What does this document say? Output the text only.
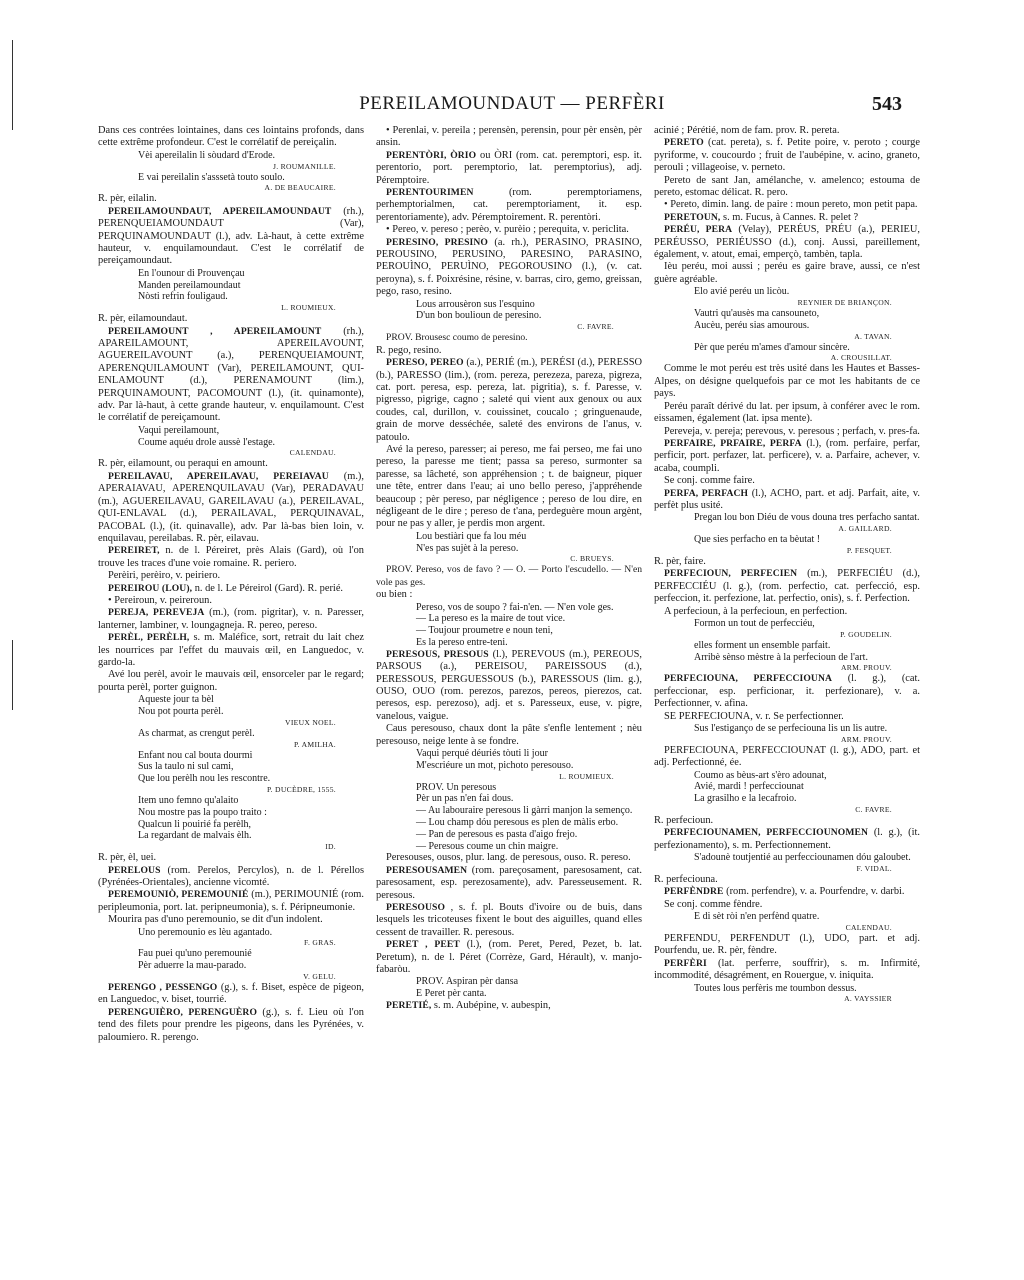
PEREILAMOUNDAUT — PERFÈRI	543

Dans ces contrées lointaines, dans ces lointains profonds, dans cette extrême profondeur. C'est le corrélatif de pereiçalin.

Vèi apereilalin li sòudard d'Erode.
J. ROUMANILLE.
E vai pereilalin s'asssetà touto soulo.
A. DE BEAUCAIRE.

R. pèr, eilalin.

PEREILAMOUNDAUT, APEREILAMOUNDAUT (rh.), PERENQUEIAMOUNDAUT (Var), PERQUINAMOUNDAUT (l.), adv. Là-haut, à cette extrême hauteur, v. enquilamoundaut. C'est le corrélatif de pereiçamoundaut.

En l'ounour di Prouvençau
Manden pereilamoundaut
Nòsti refrin fouligaud.
L. ROUMIEUX.

R. pèr, eilamoundaut.

PEREILAMOUNT , APEREILAMOUNT (rh.), APAREILAMOUNT, APEREILAVOUNT, AGUEREILAVOUNT (a.), PERENQUEIAMOUNT, APERENQUILAMOUNT (Var), PEREILAMOUNT, QUI-ENLAMOUNT (d.), PERENAMOUNT (lim.), PERQUINAMOUNT, PACOMOUNT (l.), (it. quinamonte), adv. Par là-haut, à cette grande hauteur, v. enquilamount. C'est le corrélatif de pereiçamount.

Vaqui pereilamount,
Coume aquéu drole aussè l'estage.
CALENDAU.

R. pèr, eilamount, ou peraqui en amount.

PEREILAVAU, APEREILAVAU, PEREIAVAU (m.), APERAIAVAU, APERENQUILAVAU (Var), PERADAVAU (m.), AGUEREILAVAU, GAREILAVAU (a.), PEREILAVAL, QUI-ENLAVAL (d.), PERAILAVAL, PERQUINAVAL, PACOBAL (l.), (it. quinavalle), adv. Par là-bas bien loin, v. enquilavau, pereilabas. R. pèr, eilavau.

PEREIRET, n. de l. Péreiret, près Alais (Gard), où l'on trouve les traces d'une voie romaine. R. periero.

Perèiri, perèiro, v. peiriero.

PEREIROU (LOU), n. de l. Le Péreirol (Gard). R. perié.

• Pereiroun, v. peireroun.

PEREJA, PEREVEJA (m.), (rom. pigritar), v. n. Paresser, lanterner, lambiner, v. loungagneja. R. pereo, pereso.

PERÈL, PERÈLH, s. m. Maléfice, sort, retrait du lait chez les nourrices par l'effet du mauvais œil, en Languedoc, v. gardo-la.

Avé lou perèl, avoir le mauvais œil, ensorceler par le regard; pourta perèl, porter guignon.

Aqueste jour ta bèl
Nou pot pourta perèl.
VIEUX NOEL.
As charmat, as crengut perèl.
P. AMILHA.
Enfant nou cal bouta dourmi
Sus la taulo ni sul cami,
Que lou perèlh nou les rescontre.
P. DUCÈDRE, 1555.
Item uno femno qu'alaito
Nou mostre pas la poupo traito :
Qualcun li pouirié fa perèlh,
La regardant de malvais èlh.
ID.

R. pèr, èl, uei.

PERELOUS (rom. Perelos, Percylos), n. de l. Pérellos (Pyrénées-Orientales), ancienne vicomté.

PEREMOUNIÒ, PEREMOUNIÉ (m.), PERIMOUNIÉ (rom. peripleumonia, port. lat. peripneumonia), s. f. Péripneumonie.

Mourira pas d'uno peremounio, se dit d'un indolent.

Uno peremounio es lèu agantado.
F. GRAS.
Fau puei qu'uno peremounié
Pèr aduerre la mau-parado.
V. GELU.

PERENGO , PESSENGO (g.), s. f. Biset, espèce de pigeon, en Languedoc, v. biset, tourrié.

PERENGUIÈRO, PERENGUÈRO (g.), s. f. Lieu où l'on tend des filets pour prendre les pigeons, dans les Pyrénées, v. paloumiero. R. perengo.

• Perenlai, v. pereila ; perensèn, perensin, pour pèr ensèn, pèr ansin.

PERENTÒRI, ÒRIO ou ÒRI (rom. cat. peremptori, esp. it. perentorio, port. peremptorio, lat. peremptorius), adj. Péremptoire.

PERENTOURIMEN (rom. peremptoriamens, perhemptorialmen, cat. peremptoriament, it. esp. perentoriamente), adv. Péremptoirement. R. perentòri.

• Pereo, v. pereso ; perèo, v. purèio ; perequita, v. periclita.

PERESINO, PRESINO (a. rh.), PERASINO, PRASINO, PEROUSINO, PERUSINO, PARESINO, PARASINO, PEROUÌNO, PERUÌNO, PEGOROUSINO (l.), (v. cat. peroyna), s. f. Poixrésine, résine, v. barras, ciro, gemo, greissan, pego, raso, resino.

Lous arrousèron sus l'esquino
D'un bon boulioun de peresino.
C. FAVRE.

PROV. Brousesc coumo de peresino.

R. pego, resino.

PERESO, PEREO (a.), PERIÉ (m.), PERÉSI (d.), PERESSO (b.), PARESSO (lim.), (rom. pereza, perezeza, pareza, pigreza, cat. port. peresa, esp. pereza, lat. pigritia), s. f. Paresse, v. pigresso, pigrige, cagno ; saleté qui vient aux genoux ou aux coudes, cal, durillon, v. couissinet, coucalo ; gringuenaude, grain de morve desséchée, saleté des environs de l'anus, v. patoulo.

Avé la pereso, paresser; ai pereso, me fai perseo, me fai uno pereso, la paresse me tient; passa sa pereso, surmonter sa paresse, sa lâcheté, son appréhension ; t. de baigneur, piquer une tête, entrer dans l'eau; ai uno bello pereso, j'appréhende beaucoup ; pèr pereso, par négligence ; pereso de lou dire, en négligeant de le dire ; pereso de t'ana, perdeguère moun argènt, pour ne pas y aller, je perdis mon argent.

Lou bestiàri que fa lou méu
N'es pas sujèt à la pereso.
C. BRUEYS.

PROV. Pereso, vos de favo ? — O. — Porto l'escudello. — N'en vole pas ges.

ou bien :

Pereso, vos de soupo ? fai-n'en. — N'en vole ges.
— La pereso es la maire de tout vice.
— Toujour proumetre e noun teni,
Es la pereso entre-teni.

PERESOUS, PRESOUS (l.), PEREVOUS (m.), PEREOUS, PARSOUS (a.), PEREISOU, PAREISSOUS (d.), PERESSOUS, PERGUESSOUS (b.), PARESSOUS (lim. g.), OUSO, OUO (rom. perezos, parezos, pereos, pierezos, cat. peresos, esp. perezoso), adj. et s. Paresseux, euse, v. pigre, vanelous, vaigue.

Caus peresouso, chaux dont la pâte s'enfle lentement ; nèu peresouso, neige lente à se fondre.

Vaqui perqué déuriés tòuti li jour
M'escriéure un mot, pichoto peresouso.
L. ROUMIEUX.
PROV. Un peresous
Pèr un pas n'en fai dous.
— Au labouraire peresous li gàrri manjon la semenço.
— Lou champ dóu peresous es plen de màlis erbo.
— Pan de peresous es pasta d'aigo frejo.
— Peresous coume un chin maigre.

Peresouses, ousos, plur. lang. de peresous, ouso. R. pereso.

PERESOUSAMEN (rom. pareçosament, paresosament, cat. paresosament, esp. perezosamente), adv. Paresseusement. R. peresous.

PERESOUSO , s. f. pl. Bouts d'ivoire ou de buis, dans lesquels les tricoteuses fixent le bout des aiguilles, quand elles cessent de travailler. R. peresous.

PERET , PEET (l.), (rom. Peret, Pered, Pezet, b. lat. Peretum), n. de l. Péret (Corrèze, Gard, Hérault), v. manjo-fabaròu.

PROV. Aspiran pèr dansa
E Peret pèr canta.

PERETIÉ, s. m. Aubépine, v. aubespin,

acinié ; Pérétié, nom de fam. prov. R. pereta.

PERETO (cat. pereta), s. f. Petite poire, v. peroto ; courge pyriforme, v. coucourdo ; fruit de l'aubépine, v. acino, graneto, perouli ; villageoise, v. perneto.

Pereto de sant Jan, amélanche, v. amelenco; estouma de pereto, estomac délicat. R. pero.

• Pereto, dimin. lang. de paire : moun pereto, mon petit papa.

PERETOUN, s. m. Fucus, à Cannes. R. pelet ?

PERÉU, PERA (Velay), PERÉUS, PRÉU (a.), PERIEU, PERÉUSSO, PERIÉUSSO (d.), conj. Aussi, pareillement, également, v. atout, emai, emperçò, tambèn, tapla.

Ièu peréu, moi aussi ; peréu es gaire brave, aussi, ce n'est guère agréable.

Elo avié peréu un licòu.
REYNIER DE BRIANÇON.
Vautri qu'ausès ma cansouneto,
Aucèu, peréu sias amourous.
A. TAVAN.
Pèr que peréu m'ames d'amour sincère.
A. CROUSILLAT.

Comme le mot peréu est très usité dans les Hautes et Basses-Alpes, on désigne quelquefois par ce mot les habitants de ce pays.

Peréu paraît dérivé du lat. per ipsum, à conférer avec le rom. eissamen, également (lat. ipsa mente).

Pereveja, v. pereja; perevous, v. peresous ; perfach, v. pres-fa.

PERFAIRE, PRFAIRE, PERFA (l.), (rom. perfaire, perfar, perficir, port. perfazer, lat. perficere), v. a. Parfaire, achever, v. acaba, coumpli.

Se conj. comme faire.

PERFA, PERFACH (l.), ACHO, part. et adj. Parfait, aite, v. perfèt plus usité.

Pregan lou bon Diéu de vous douna tres perfacho santat.
A. GAILLARD.
Que sies perfacho en ta bèutat !
P. FESQUET.

R. pèr, faire.

PERFECIOUN, PERFECIEN (m.), PERFECIÉU (d.), PERFECCIÉU (l. g.), (rom. perfectio, cat. perfecció, esp. perfeccion, it. perfezione, lat. perfectio, onis), s. f. Perfection.

A perfecioun, à la perfecioun, en perfection.

Formon un tout de perfecciéu,
P. GOUDELIN.
elles forment un ensemble parfait.
Arribè sènso mèstre à la perfecioun de l'art.
ARM. PROUV.

PERFECIOUNA, PERFECCIOUNA (l. g.), (cat. perfeccionar, esp. perficionar, it. perfezionare), v. a. Perfectionner, v. afina.

SE PERFECIOUNA, v. r. Se perfectionner.

Sus l'estiganço de se perfeciouna lis un lis autre.
ARM. PROUV.

PERFECIOUNA, PERFECCIOUNAT (l. g.), ADO, part. et adj. Perfectionné, ée.

Coumo as bèus-art s'èro adounat,
Avié, mardi ! perfecciounat
La grasilho e la lecafroio.
C. FAVRE.

R. perfecioun.

PERFECIOUNAMEN, PERFECCIOUNOMEN (l. g.), (it. perfezionamento), s. m. Perfectionnement.

S'adounè toutjentié au perfecciounamen dóu galoubet.
F. VIDAL.

R. perfeciouna.

PERFÈNDRE (rom. perfendre), v. a. Pourfendre, v. darbi.

Se conj. comme fèndre.

E di sèt ròi n'en perfènd quatre.
CALENDAU.

PERFENDU, PERFENDUT (l.), UDO, part. et adj. Pourfendu, ue. R. pèr, fèndre.

PERFÈRI (lat. perferre, souffrir), s. m. Infirmité, incommodité, désagrément, en Rouergue, v. iniquita.

Toutes lous perfèris me toumbon dessus.
A. VAYSSIER
